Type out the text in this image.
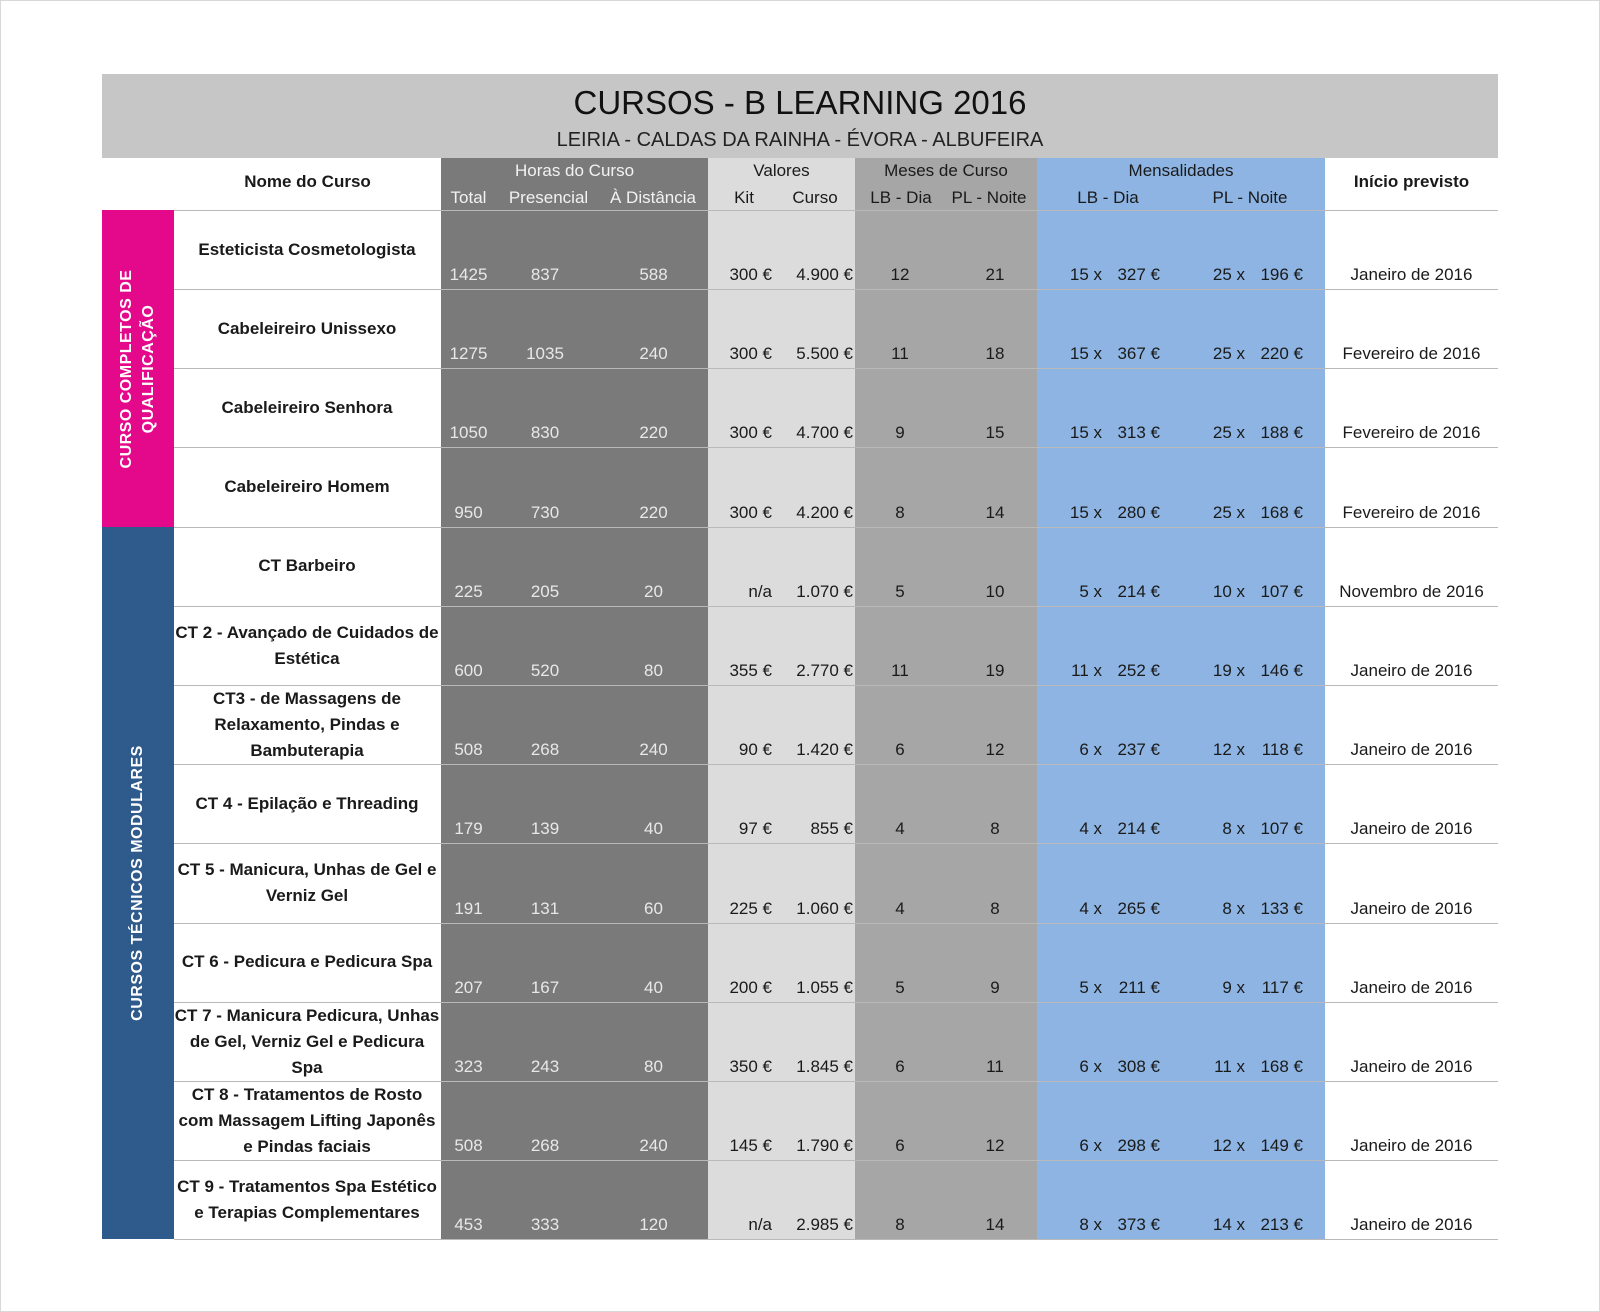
CURSOS - B LEARNING 2016
LEIRIA - CALDAS DA RAINHA - ÉVORA - ALBUFEIRA
Nome do Curso
Horas do Curso
Total	Presencial	À Distância
Valores
Kit	Curso
Meses de Curso
LB - Dia	PL - Noite
Mensalidades
LB - Dia	PL - Noite
Início previsto
CURSO COMPLETOS DE QUALIFICAÇÃO
CURSOS TÉCNICOS MODULARES
Esteticista Cosmetologista
1425	837	588	300 €	4.900 €	12	21	15 x 327 €	25 x 196 €	Janeiro de 2016
Cabeleireiro Unissexo
1275	1035	240	300 €	5.500 €	11	18	15 x 367 €	25 x 220 €	Fevereiro de 2016
Cabeleireiro Senhora
1050	830	220	300 €	4.700 €	9	15	15 x 313 €	25 x 188 €	Fevereiro de 2016
Cabeleireiro Homem
950	730	220	300 €	4.200 €	8	14	15 x 280 €	25 x 168 €	Fevereiro de 2016
CT Barbeiro
225	205	20	n/a	1.070 €	5	10	5 x 214 €	10 x 107 €	Novembro de 2016
CT 2 - Avançado de Cuidados de Estética
600	520	80	355 €	2.770 €	11	19	11 x 252 €	19 x 146 €	Janeiro de 2016
CT3 - de Massagens de Relaxamento, Pindas e Bambuterapia	508	268	240	90 €	1.420 €	6	12	6 x 237 €	12 x 118 €	Janeiro de 2016
CT 4 - Epilação e Threading
179	139	40	97 €	855 €	4	8	4 x 214 €	8 x 107 €	Janeiro de 2016
CT 5 - Manicura, Unhas de Gel e Verniz Gel
191	131	60	225 €	1.060 €	4	8	4 x 265 €	8 x 133 €	Janeiro de 2016
CT 6 - Pedicura e Pedicura Spa
207	167	40	200 €	1.055 €	5	9	5 x 211 €	9 x 117 €	Janeiro de 2016
CT 7 - Manicura Pedicura, Unhas de Gel, Verniz Gel e Pedicura Spa	323	243	80	350 €	1.845 €	6	11	6 x 308 €	11 x 168 €	Janeiro de 2016
CT 8 - Tratamentos de Rosto com Massagem Lifting Japonês e Pindas faciais	508	268	240	145 €	1.790 €	6	12	6 x 298 €	12 x 149 €	Janeiro de 2016
CT 9 - Tratamentos Spa Estético e Terapias Complementares
453	333	120	n/a	2.985 €	8	14	8 x 373 €	14 x 213 €	Janeiro de 2016
